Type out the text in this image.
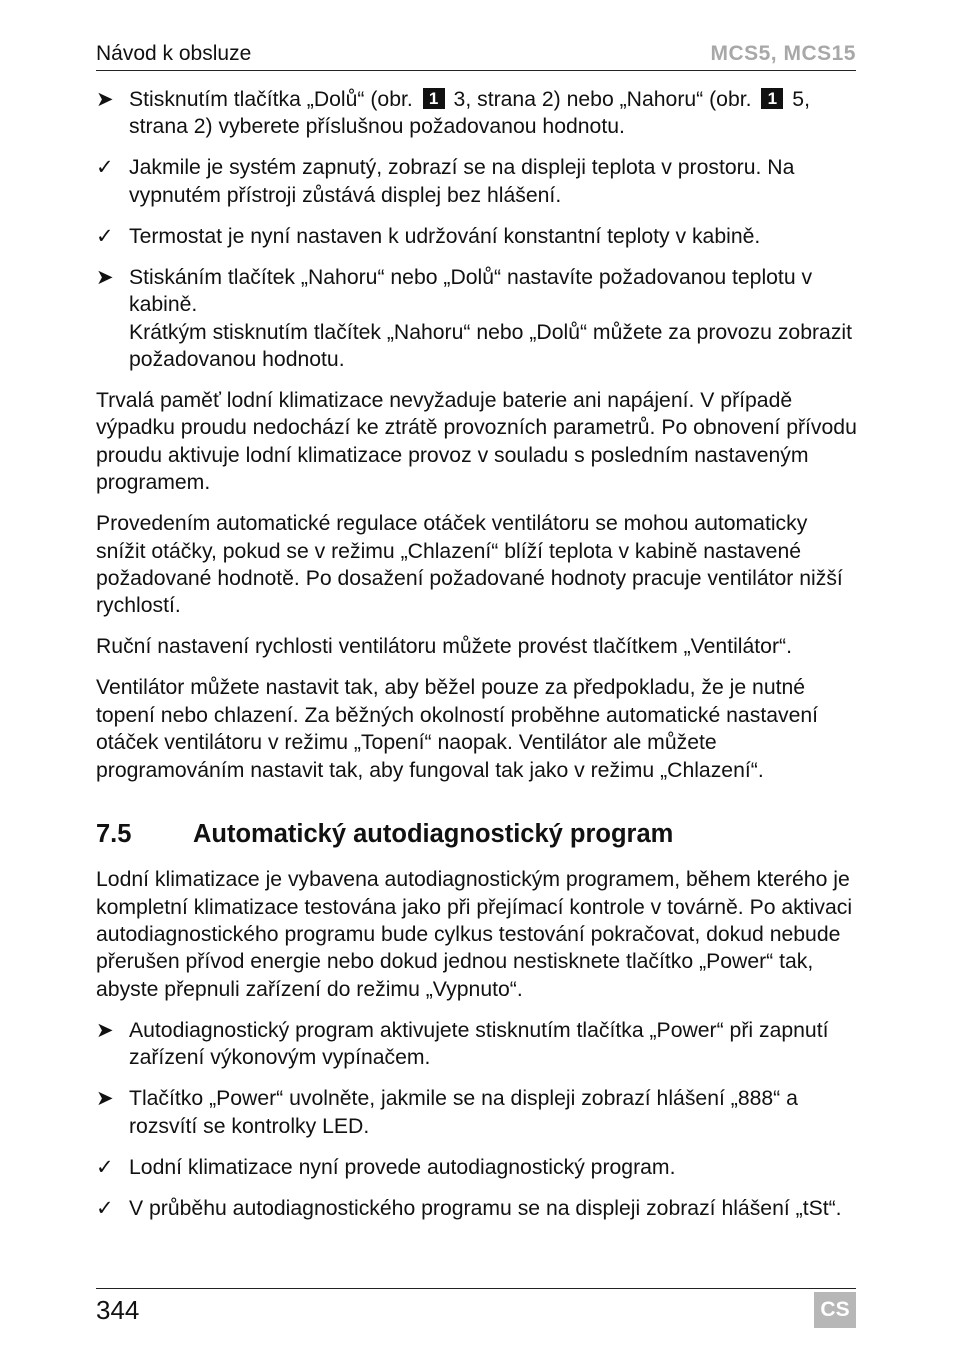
Návod k obsluze	MCS5, MCS15
➤ Stisknutím tlačítka „Dolů“ (obr. 1 3, strana 2) nebo „Nahoru“ (obr. 1 5, strana 2) vyberete příslušnou požadovanou hodnotu.
✓ Jakmile je systém zapnutý, zobrazí se na displeji teplota v prostoru. Na vypnutém přístroji zůstává displej bez hlášení.
✓ Termostat je nyní nastaven k udržování konstantní teploty v kabině.
➤ Stiskáním tlačítek „Nahoru“ nebo „Dolů“ nastavíte požadovanou teplotu v kabině.
Krátkým stisknutím tlačítek „Nahoru“ nebo „Dolů“ můžete za provozu zobrazit požadovanou hodnotu.

Trvalá paměť lodní klimatizace nevyžaduje baterie ani napájení. V případě výpadku proudu nedochází ke ztrátě provozních parametrů. Po obnovení přívodu proudu aktivuje lodní klimatizace provoz v souladu s posledním nastaveným programem.

Provedením automatické regulace otáček ventilátoru se mohou automaticky snížit otáčky, pokud se v režimu „Chlazení“ blíží teplota v kabině nastavené požadované hodnotě. Po dosažení požadované hodnoty pracuje ventilátor nižší rychlostí.

Ruční nastavení rychlosti ventilátoru můžete provést tlačítkem „Ventilátor“.

Ventilátor můžete nastavit tak, aby běžel pouze za předpokladu, že je nutné topení nebo chlazení. Za běžných okolností proběhne automatické nastavení otáček ventilátoru v režimu „Topení“ naopak. Ventilátor ale můžete programováním nastavit tak, aby fungoval tak jako v režimu „Chlazení“.

7.5 Automatický autodiagnostický program

Lodní klimatizace je vybavena autodiagnostickým programem, během kterého je kompletní klimatizace testována jako při přejímací kontrole v továrně. Po aktivaci autodiagnostického programu bude cylkus testování pokračovat, dokud nebude přerušen přívod energie nebo dokud jednou nestisknete tlačítko „Power“ tak, abyste přepnuli zařízení do režimu „Vypnuto“.

➤ Autodiagnostický program aktivujete stisknutím tlačítka „Power“ při zapnutí zařízení výkonovým vypínačem.
➤ Tlačítko „Power“ uvolněte, jakmile se na displeji zobrazí hlášení „888“ a rozsvítí se kontrolky LED.
✓ Lodní klimatizace nyní provede autodiagnostický program.
✓ V průběhu autodiagnostického programu se na displeji zobrazí hlášení „tSt“.
344	CS
